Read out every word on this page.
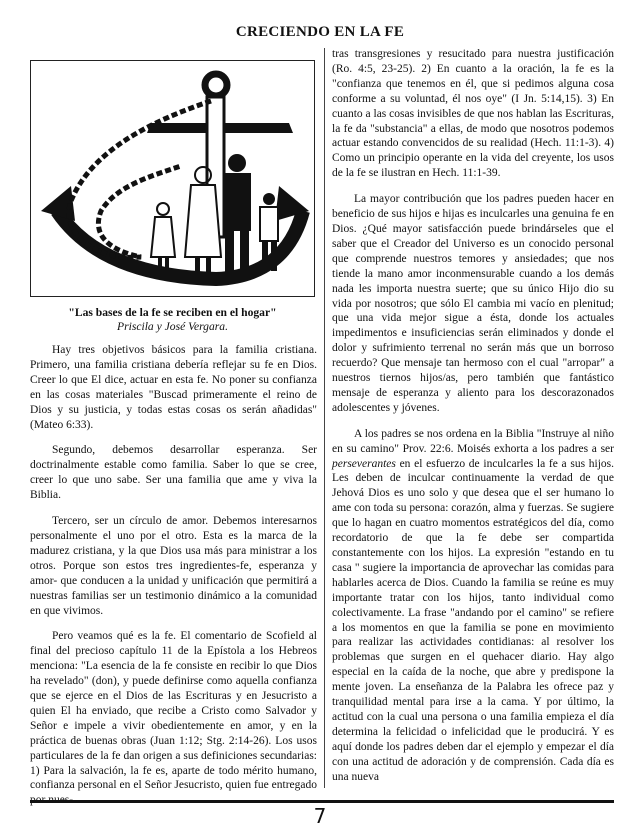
CRECIENDO EN LA FE
"Las bases de la fe se reciben en el hogar"
Priscila y José Vergara.

Hay tres objetivos básicos para la familia cristiana. Primero, una familia cristiana debería reflejar su fe en Dios. Creer lo que El dice, actuar en esta fe. No poner su confianza en las cosas materiales "Buscad primeramente el reino de Dios y su justicia, y todas estas cosas os serán añadidas" (Mateo 6:33).

Segundo, debemos desarrollar esperanza. Ser doctrinalmente estable como familia. Saber lo que se cree, creer lo que uno sabe. Ser una familia que ame y viva la Biblia.

Tercero, ser un círculo de amor. Debemos interesarnos personalmente el uno por el otro. Esta es la marca de la madurez cristiana, y la que Dios usa más para ministrar a los otros. Porque son estos tres ingredientes-fe, esperanza y amor- que conducen a la unidad y unificación que permitirá a nuestras familias ser un testimonio dinámico a la comunidad en que vivimos.

Pero veamos qué es la fe. El comentario de Scofield al final del precioso capítulo 11 de la Epístola a los Hebreos menciona: "La esencia de la fe consiste en recibir lo que Dios ha revelado" (don), y puede definirse como aquella confianza que se ejerce en el Dios de las Escrituras y en Jesucristo a quien El ha enviado, que recibe a Cristo como Salvador y Señor e impele a vivir obedientemente en amor, y en la práctica de buenas obras (Juan 1:12; Stg. 2:14-26). Los usos particulares de la fe dan origen a sus definiciones secundarias: 1) Para la salvación, la fe es, aparte de todo mérito humano, confianza personal en el Señor Jesucristo, quien fue entregado

tras transgresiones y resucitado para nuestra justificación (Ro. 4:5, 23-25). 2) En cuanto a la oración, la fe es la "confianza que tenemos en él, que si pedimos alguna cosa conforme a su voluntad, él nos oye" (I Jn. 5:14,15). 3) En cuanto a las cosas invisibles de que nos hablan las Escrituras, la fe da "substancia" a ellas, de modo que nosotros podemos actuar estando convencidos de su realidad (Hech. 11:1-3). 4) Como un principio operante en la vida del creyente, los usos de la fe se ilustran en Hech. 11:1-39.

La mayor contribución que los padres pueden hacer en beneficio de sus hijos e hijas es inculcarles una genuina fe en Dios. ¿Qué mayor satisfacción puede brindárseles que el saber que el Creador del Universo es un conocido personal que comprende nuestros temores y ansiedades; que nos tiende la mano amor inconmensurable cuando a los demás nada les importa nuestra suerte; que su único Hijo dio su vida por nosotros; que sólo El cambia mi vacío en plenitud; que una vida mejor sigue a ésta, donde los actuales impedimentos e insuficiencias serán eliminados y donde el dolor y sufrimiento terrenal no serán más que un borroso recuerdo? Que mensaje tan hermoso con el cual "arropar" a nuestros tiernos hijos/as, pero también que fantástico mensaje de esperanza y aliento para los descorazonados adolescentes y jóvenes.

A los padres se nos ordena en la Biblia "Instruye al niño en su camino" Prov. 22:6. Moisés exhorta a los padres a ser perseverantes en el esfuerzo de inculcarles la fe a sus hijos. Les deben de inculcar continuamente la verdad de que Jehová Dios es uno solo y que desea que el ser humano lo ame con toda su persona: corazón, alma y fuerzas. Se sugiere que lo hagan en cuatro momentos estratégicos del día, como recordatorio de que la fe debe ser compartida constantemente con los hijos. La expresión "estando en tu casa " sugiere la importancia de aprovechar las comidas para hablarles acerca de Dios. Cuando la familia se reúne es muy importante tratar con los hijos, tanto individual como colectivamente. La frase "andando por el camino" se refiere a los momentos en que la familia se pone en movimiento para realizar las actividades contidianas: al resolver los problemas que surgen en el quehacer diario. Hay algo especial en la caída de la noche, que abre y predispone la mente joven. La enseñanza de la Palabra les ofrece paz y tranquilidad mental para irse a la cama. Y por último, la actitud con la cual una persona o una familia empieza el día determina la felicidad o infelicidad que le producirá. Y es aquí donde los padres deben dar el ejemplo y empezar el día con una actitud de adoración y de comprensión. Cada día es una nueva

7
